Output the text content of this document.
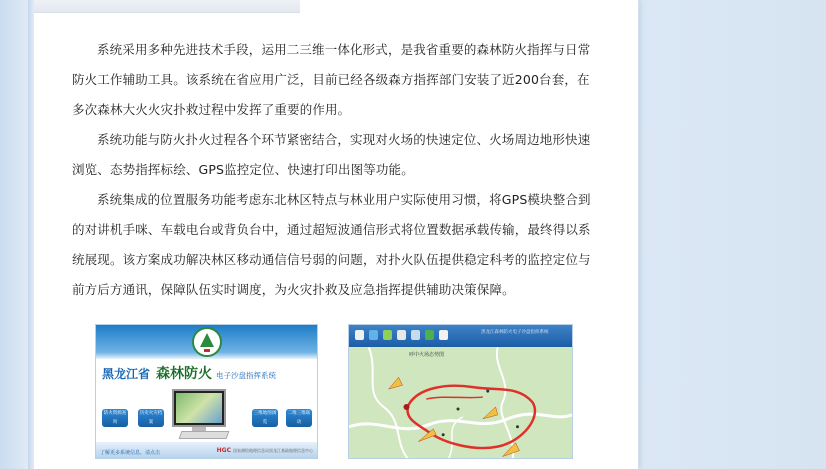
系统采用多种先进技术手段，运用二三维一体化形式，是我省重要的森林防火指挥与日常防火工作辅助工具。该系统在省应用广泛，目前已经各级森方指挥部门安装了近200台套，在多次森林大火火灾扑救过程中发挥了重要的作用。

系统功能与防火扑火过程各个环节紧密结合，实现对火场的快速定位、火场周边地形快速浏览、态势指挥标绘、GPS监控定位、快速打印出图等功能。

系统集成的位置服务功能考虑东北林区特点与林业用户实际使用习惯，将GPS模块整合到的对讲机手咪、车载电台或背负台中，通过超短波通信形式将位置数据承载传输，最终得以系统展现。该方案成功解决林区移动通信信号弱的问题，对扑火队伍提供稳定科考的监控定位与前方后方通讯，保障队伍实时调度，为火灾扑救及应急指挥提供辅助决策保障。

黑龙江省 森林防火 电子沙盘指挥系统
防火资源查询
历史火灾档案
三维地图浏览
二维三维联动
了解更多系统信息，请点击	HGC 国家测绘地理信息局黑龙江基础地理信息中心
黑龙江森林防火电子沙盘指挥系统
呼中火场态势图
